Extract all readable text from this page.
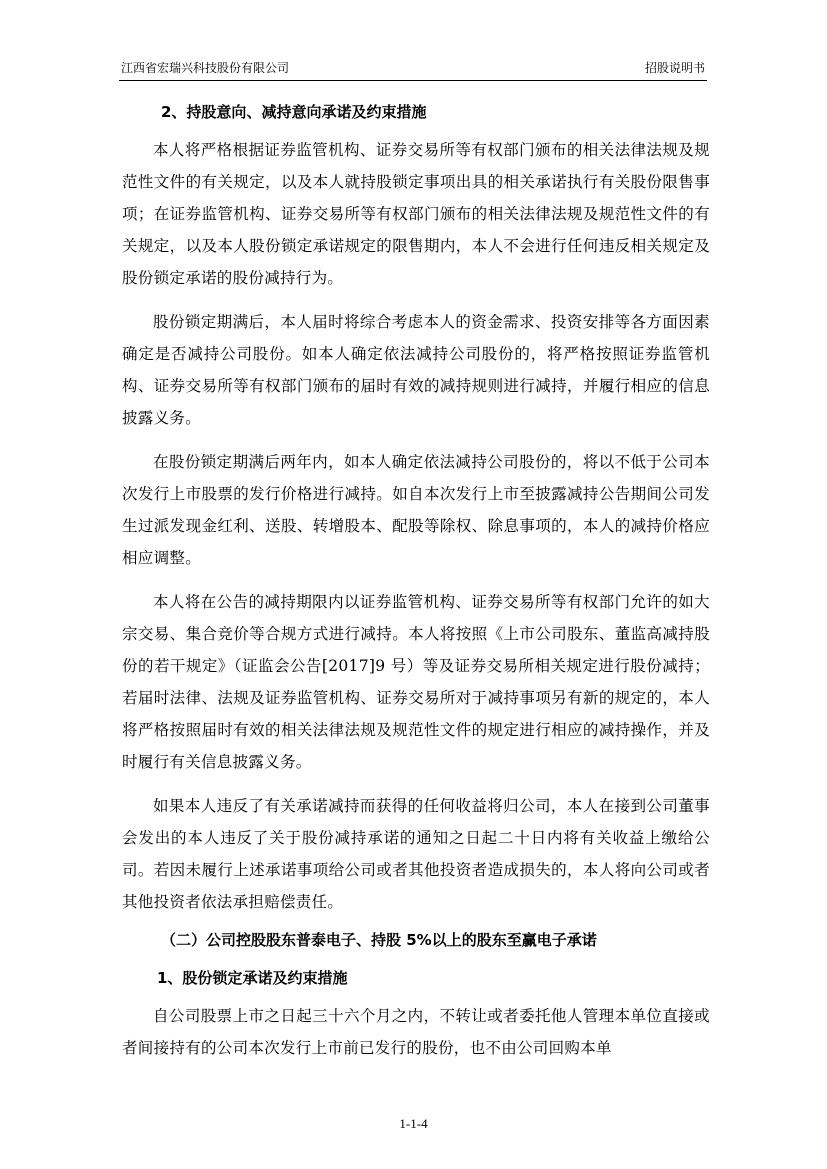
江西省宏瑞兴科技股份有限公司	招股说明书
2、持股意向、减持意向承诺及约束措施

本人将严格根据证券监管机构、证券交易所等有权部门颁布的相关法律法规及规范性文件的有关规定，以及本人就持股锁定事项出具的相关承诺执行有关股份限售事项；在证券监管机构、证券交易所等有权部门颁布的相关法律法规及规范性文件的有关规定，以及本人股份锁定承诺规定的限售期内，本人不会进行任何违反相关规定及股份锁定承诺的股份减持行为。

股份锁定期满后，本人届时将综合考虑本人的资金需求、投资安排等各方面因素确定是否减持公司股份。如本人确定依法减持公司股份的，将严格按照证券监管机构、证券交易所等有权部门颁布的届时有效的减持规则进行减持，并履行相应的信息披露义务。

在股份锁定期满后两年内，如本人确定依法减持公司股份的，将以不低于公司本次发行上市股票的发行价格进行减持。如自本次发行上市至披露减持公告期间公司发生过派发现金红利、送股、转增股本、配股等除权、除息事项的，本人的减持价格应相应调整。

本人将在公告的减持期限内以证券监管机构、证券交易所等有权部门允许的如大宗交易、集合竞价等合规方式进行减持。本人将按照《上市公司股东、董监高减持股份的若干规定》（证监会公告[2017]9 号）等及证券交易所相关规定进行股份减持；若届时法律、法规及证券监管机构、证券交易所对于减持事项另有新的规定的，本人将严格按照届时有效的相关法律法规及规范性文件的规定进行相应的减持操作，并及时履行有关信息披露义务。

如果本人违反了有关承诺减持而获得的任何收益将归公司，本人在接到公司董事会发出的本人违反了关于股份减持承诺的通知之日起二十日内将有关收益上缴给公司。若因未履行上述承诺事项给公司或者其他投资者造成损失的，本人将向公司或者其他投资者依法承担赔偿责任。

（二）公司控股股东普泰电子、持股 5%以上的股东至赢电子承诺
1、股份锁定承诺及约束措施

自公司股票上市之日起三十六个月之内，不转让或者委托他人管理本单位直接或者间接持有的公司本次发行上市前已发行的股份，也不由公司回购本单

1-1-4
